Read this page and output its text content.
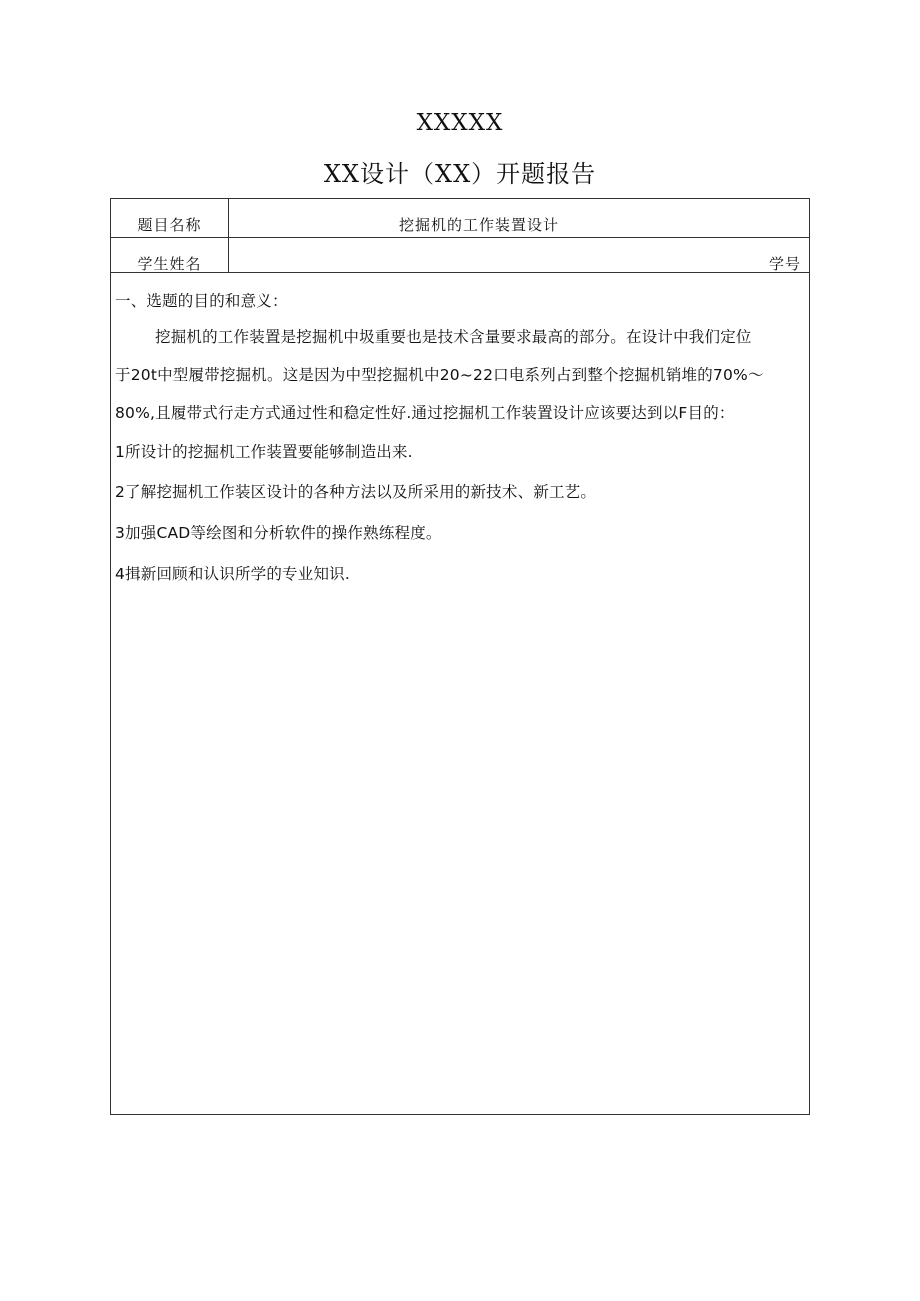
XXXXX
XX设计（XX）开题报告
题目名称	挖掘机的工作装置设计
学生姓名	学号
一、选题的目的和意义：
挖掘机的工作装置是挖掘机中圾重要也是技术含量要求最高的部分。在设计中我们定位
于20t中型履带挖掘机。这是因为中型挖掘机中20~22口电系列占到整个挖掘机销堆的70%～
80%,且履带式行走方式通过性和稳定性好.通过挖掘机工作装置设计应该要达到以F目的：
1所设计的挖掘机工作装置要能够制造出来.
2了解挖掘机工作装区设计的各种方法以及所采用的新技术、新工艺。
3加强CAD等绘图和分析软件的操作熟练程度。
4揖新回顾和认识所学的专业知识.
